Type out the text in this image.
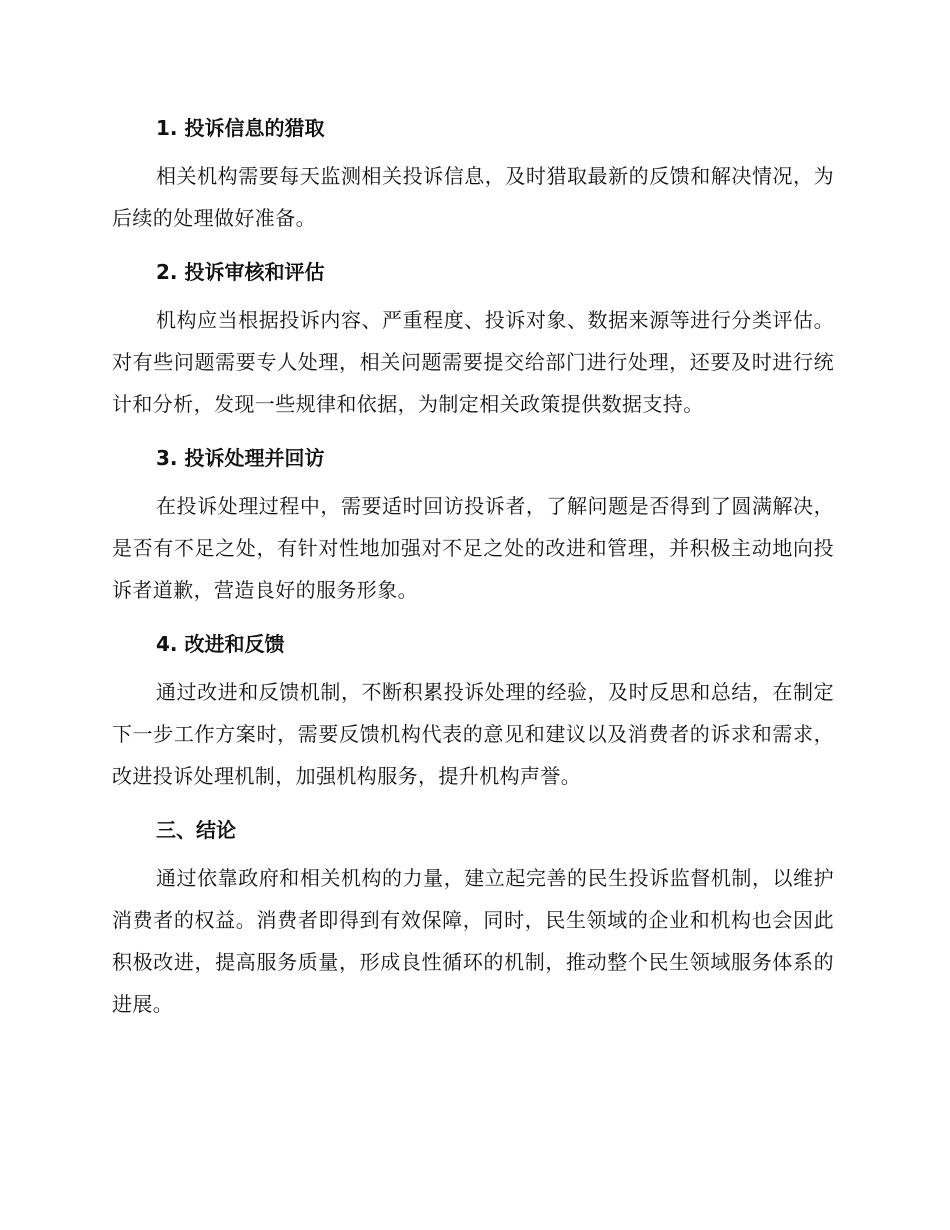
1. 投诉信息的猎取

相关机构需要每天监测相关投诉信息，及时猎取最新的反馈和解决情况，为后续的处理做好准备。

2. 投诉审核和评估

机构应当根据投诉内容、严重程度、投诉对象、数据来源等进行分类评估。对有些问题需要专人处理，相关问题需要提交给部门进行处理，还要及时进行统计和分析，发现一些规律和依据，为制定相关政策提供数据支持。

3. 投诉处理并回访

在投诉处理过程中，需要适时回访投诉者，了解问题是否得到了圆满解决，是否有不足之处，有针对性地加强对不足之处的改进和管理，并积极主动地向投诉者道歉，营造良好的服务形象。

4. 改进和反馈

通过改进和反馈机制，不断积累投诉处理的经验，及时反思和总结，在制定下一步工作方案时，需要反馈机构代表的意见和建议以及消费者的诉求和需求，改进投诉处理机制，加强机构服务，提升机构声誉。

三、结论

通过依靠政府和相关机构的力量，建立起完善的民生投诉监督机制，以维护消费者的权益。消费者即得到有效保障，同时，民生领域的企业和机构也会因此积极改进，提高服务质量，形成良性循环的机制，推动整个民生领域服务体系的进展。
